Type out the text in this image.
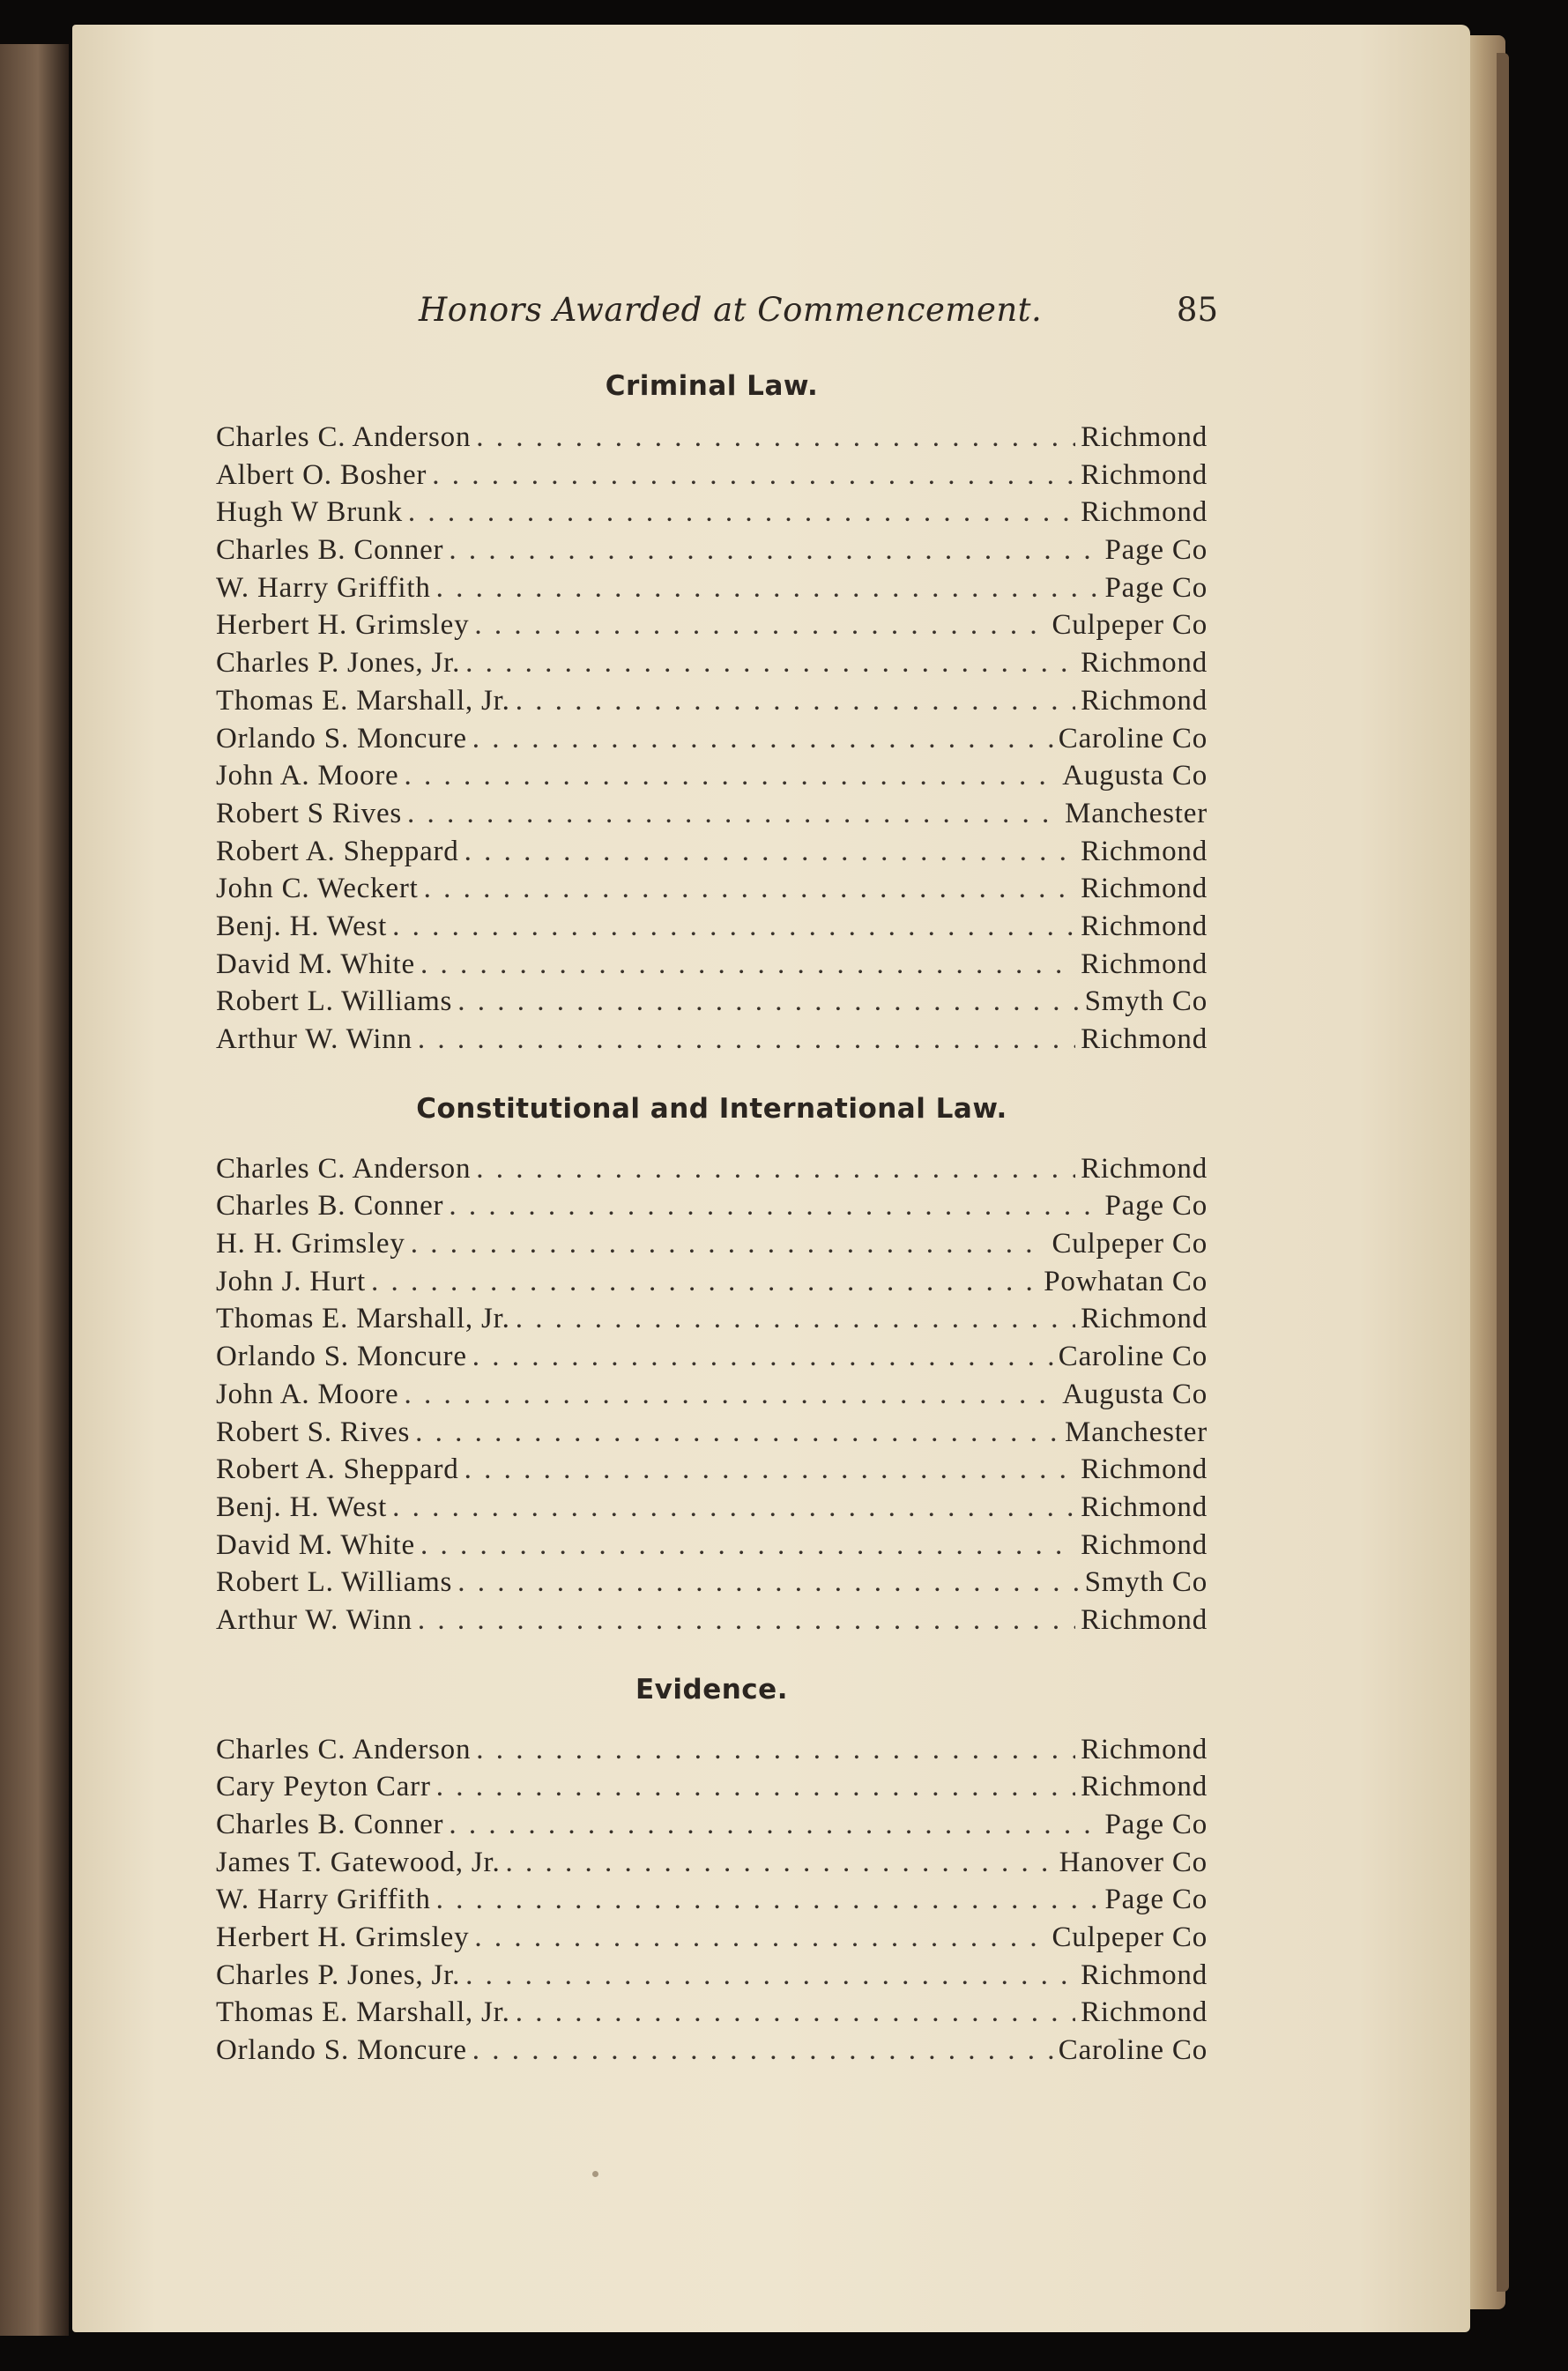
Honors Awarded at Commencement.	85
Criminal Law.
Charles C. Anderson . . .	Richmond
Albert O. Bosher . . .	Richmond
Hugh W Brunk . . .	Richmond
Charles B. Conner . . .	Page Co
W. Harry Griffith . . .	Page Co
Herbert H. Grimsley . . .	Culpeper Co
Charles P. Jones, Jr. . . .	Richmond
Thomas E. Marshall, Jr. . . .	Richmond
Orlando S. Moncure . . .	Caroline Co
John A. Moore . . .	Augusta Co
Robert S Rives . . .	Manchester
Robert A. Sheppard . . .	Richmond
John C. Weckert . . .	Richmond
Benj. H. West . . .	Richmond
David M. White . . .	Richmond
Robert L. Williams . . .	Smyth Co
Arthur W. Winn . . .	Richmond
Constitutional and International Law.
Charles C. Anderson . . .	Richmond
Charles B. Conner . . .	Page Co
H. H. Grimsley . . .	Culpeper Co
John J. Hurt . . .	Powhatan Co
Thomas E. Marshall, Jr. . . .	Richmond
Orlando S. Moncure . . .	Caroline Co
John A. Moore . . .	Augusta Co
Robert S. Rives . . .	Manchester
Robert A. Sheppard . . .	Richmond
Benj. H. West . . .	Richmond
David M. White . . .	Richmond
Robert L. Williams . . .	Smyth Co
Arthur W. Winn . . .	Richmond
Evidence.
Charles C. Anderson . . .	Richmond
Cary Peyton Carr . . .	Richmond
Charles B. Conner . . .	Page Co
James T. Gatewood, Jr. . . .	Hanover Co
W. Harry Griffith . . .	Page Co
Herbert H. Grimsley . . .	Culpeper Co
Charles P. Jones, Jr. . . .	Richmond
Thomas E. Marshall, Jr. . . .	Richmond
Orlando S. Moncure . . .	Caroline Co
